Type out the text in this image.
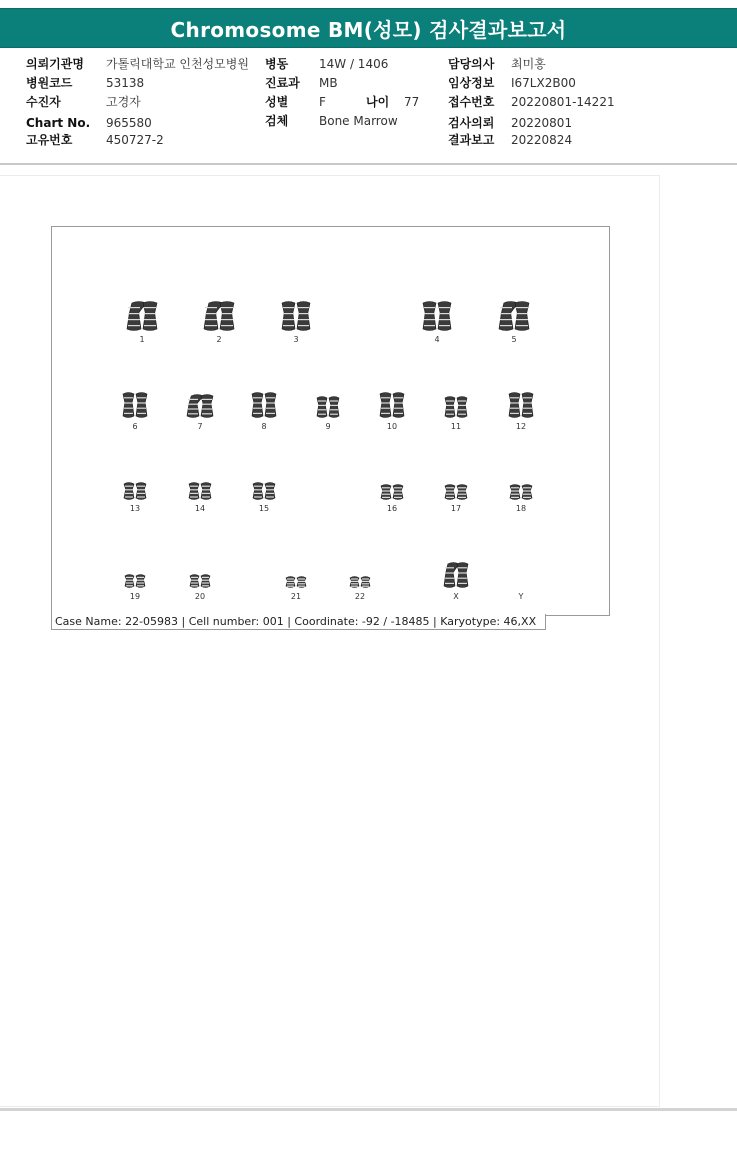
Chromosome BM(성모) 검사결과보고서
의뢰기관명 가톨릭대학교 인천성모병원
병원코드	53138
수진자	고경자
Chart No. 965580
고유번호	450727-2
병동	14W / 1406
진료과 MB
성별	F	나이 77
검체	Bone Marrow
담당의사 최미홍
임상정보 I67LX2B00
접수번호 20220801-14221
검사의뢰 20220801
결과보고 20220824
1	2	3	4	5
6	7	8	9	10	11	12
13	14	15	16	17	18
19	20	21	22	X	Y
Case Name: 22-05983 | Cell number: 001 | Coordinate: -92 / -18485 | Karyotype: 46,XX
